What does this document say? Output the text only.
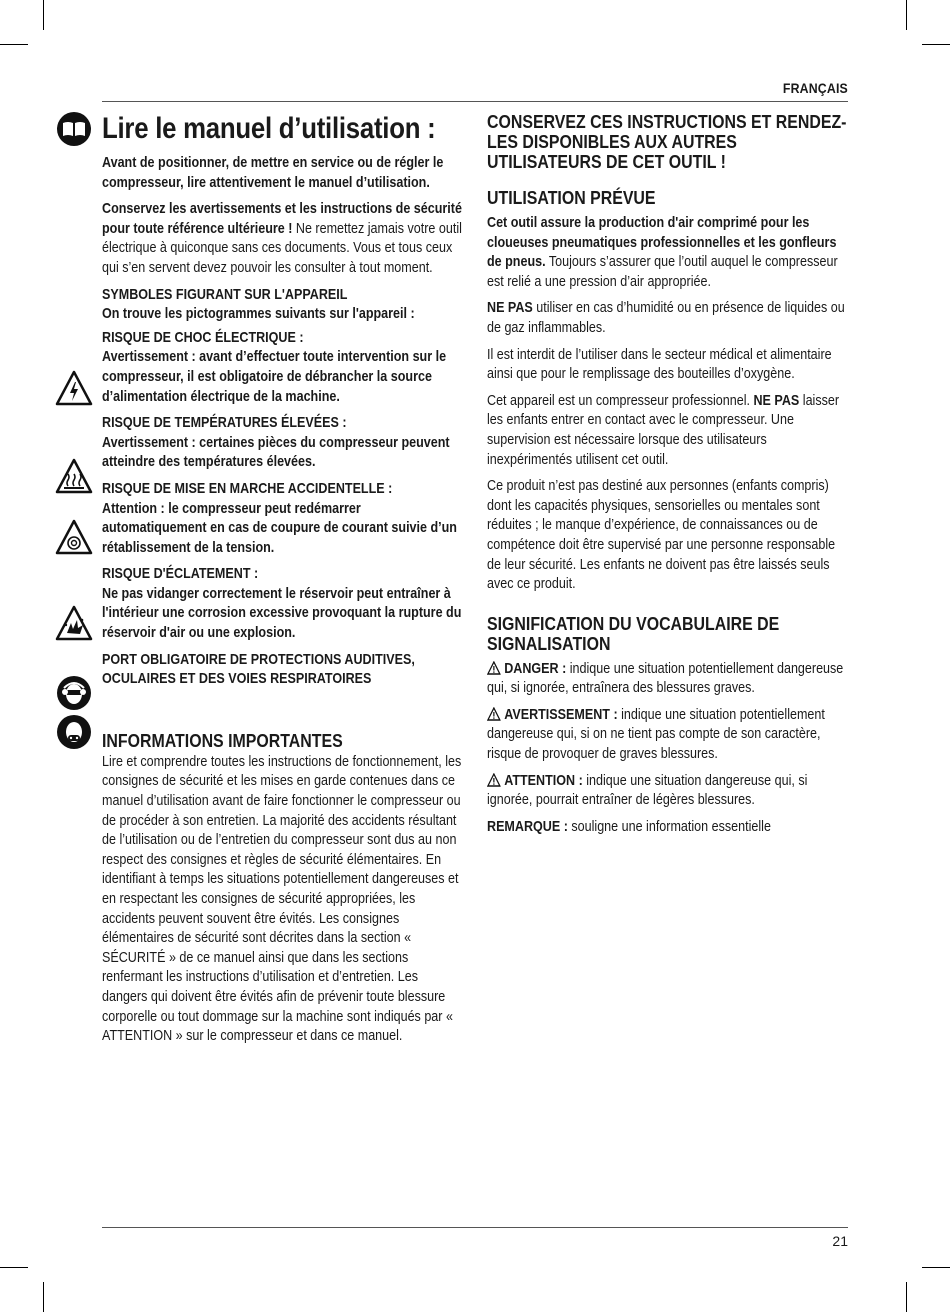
FRANÇAIS
Lire le manuel d’utilisation :

Avant de positionner, de mettre en service ou de régler le compresseur, lire attentivement le manuel d’utilisation.

Conservez les avertissements et les instructions de sécurité pour toute référence ultérieure ! Ne remettez jamais votre outil électrique à quiconque sans ces documents. Vous et tous ceux qui s’en servent devez pouvoir les consulter à tout moment.

SYMBOLES FIGURANT SUR L'APPAREIL
On trouve les pictogrammes suivants sur l'appareil :

RISQUE DE CHOC ÉLECTRIQUE :
Avertissement : avant d’effectuer toute intervention sur le compresseur, il est obligatoire de débrancher la source d’alimentation électrique de la machine.

RISQUE DE TEMPÉRATURES ÉLEVÉES :
Avertissement : certaines pièces du compresseur peuvent atteindre des températures élevées.

RISQUE DE MISE EN MARCHE ACCIDENTELLE :
Attention : le compresseur peut redémarrer automatiquement en cas de coupure de courant suivie d’un rétablissement de la tension.

RISQUE D'ÉCLATEMENT :
Ne pas vidanger correctement le réservoir peut entraîner à l'intérieur une corrosion excessive provoquant la rupture du réservoir d'air ou une explosion.

PORT OBLIGATOIRE DE PROTECTIONS AUDITIVES, OCULAIRES ET DES VOIES RESPIRATOIRES

INFORMATIONS IMPORTANTES

Lire et comprendre toutes les instructions de fonctionnement, les consignes de sécurité et les mises en garde contenues dans ce manuel d’utilisation avant de faire fonctionner le compresseur ou de procéder à son entretien. La majorité des accidents résultant de l’utilisation ou de l’entretien du compresseur sont dus au non respect des consignes et règles de sécurité élémentaires. En identifiant à temps les situations potentiellement dangereuses et en respectant les consignes de sécurité appropriées, les accidents peuvent souvent être évités. Les consignes élémentaires de sécurité sont décrites dans la section « SÉCURITÉ » de ce manuel ainsi que dans les sections renfermant les instructions d’utilisation et d’entretien. Les dangers qui doivent être évités afin de prévenir toute blessure corporelle ou tout dommage sur la machine sont indiqués par « ATTENTION » sur le compresseur et dans ce manuel.

CONSERVEZ CES INSTRUCTIONS ET RENDEZ-LES DISPONIBLES AUX AUTRES UTILISATEURS DE CET OUTIL !
UTILISATION PRÉVUE

Cet outil assure la production d'air comprimé pour les cloueuses pneumatiques professionnelles et les gonfleurs de pneus. Toujours s’assurer que l’outil auquel le compresseur est relié a une pression d’air appropriée.

NE PAS utiliser en cas d’humidité ou en présence de liquides ou de gaz inflammables.

Il est interdit de l’utiliser dans le secteur médical et alimentaire ainsi que pour le remplissage des bouteilles d’oxygène.

Cet appareil est un compresseur professionnel. NE PAS laisser les enfants entrer en contact avec le compresseur. Une supervision est nécessaire lorsque des utilisateurs inexpérimentés utilisent cet outil.

Ce produit n’est pas destiné aux personnes (enfants compris) dont les capacités physiques, sensorielles ou mentales sont réduites ; le manque d’expérience, de connaissances ou de compétence doit être supervisé par une personne responsable de leur sécurité. Les enfants ne doivent pas être laissés seuls avec ce produit.

SIGNIFICATION DU VOCABULAIRE DE SIGNALISATION

DANGER : indique une situation potentiellement dangereuse qui, si ignorée, entraînera des blessures graves.

AVERTISSEMENT : indique une situation potentiellement dangereuse qui, si on ne tient pas compte de son caractère, risque de provoquer de graves blessures.

ATTENTION : indique une situation dangereuse qui, si ignorée, pourrait entraîner de légères blessures.

REMARQUE : souligne une information essentielle

21
